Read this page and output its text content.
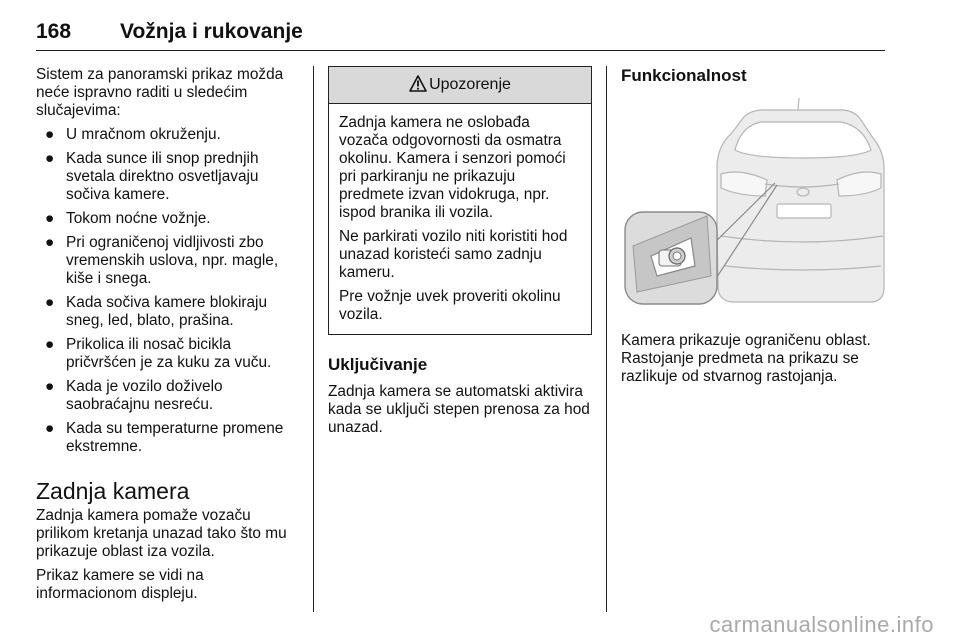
168 Vožnja i rukovanje

Sistem za panoramski prikaz možda neće ispravno raditi u sledećim slučajevima:

● U mračnom okruženju.
● Kada sunce ili snop prednjih svetala direktno osvetljavaju sočiva kamere.
● Tokom noćne vožnje.
● Pri ograničenoj vidljivosti zbo vremenskih uslova, npr. magle, kiše i snega.
● Kada sočiva kamere blokiraju sneg, led, blato, prašina.
● Prikolica ili nosač bicikla pričvršćen je za kuku za vuču.
● Kada je vozilo doživelo saobraćajnu nesreću.
● Kada su temperaturne promene ekstremne.
Zadnja kamera

Zadnja kamera pomaže vozaču prilikom kretanja unazad tako što mu prikazuje oblast iza vozila.

Prikaz kamere se vidi na informacionom displeju.

Upozorenje

Zadnja kamera ne oslobađa vozača odgovornosti da osmatra okolinu. Kamera i senzori pomoći pri parkiranju ne prikazuju predmete izvan vidokruga, npr. ispod branika ili vozila.

Ne parkirati vozilo niti koristiti hod unazad koristeći samo zadnju kameru.

Pre vožnje uvek proveriti okolinu vozila.

Uključivanje

Zadnja kamera se automatski aktivira kada se uključi stepen prenosa za hod unazad.

Funkcionalnost

Kamera prikazuje ograničenu oblast. Rastojanje predmeta na prikazu se razlikuje od stvarnog rastojanja.

carmanualsonline.info
